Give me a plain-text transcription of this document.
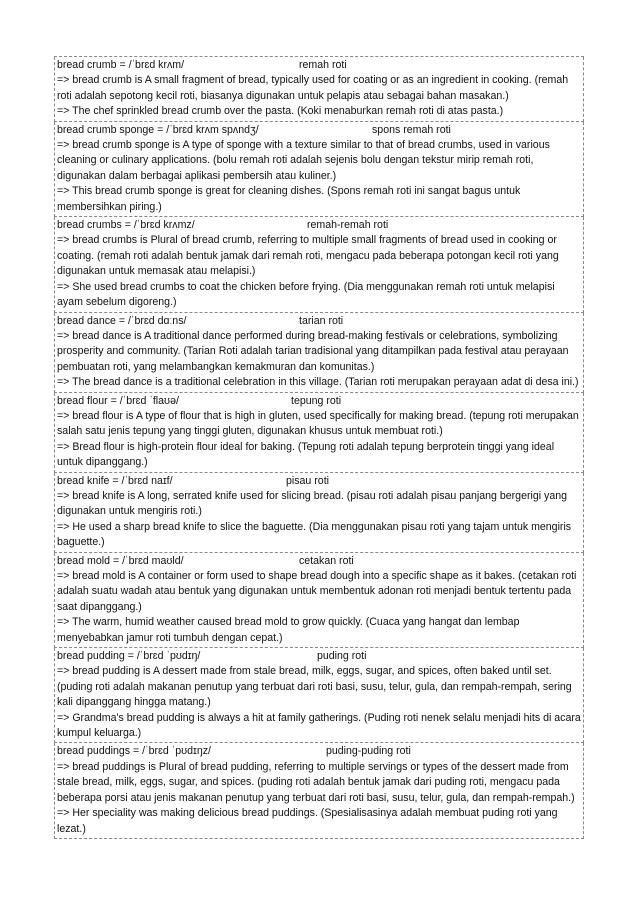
bread crumb = /ˈbrɛd krʌm/	remah roti

=> bread crumb is A small fragment of bread, typically used for coating or as an ingredient in cooking. (remah roti adalah sepotong kecil roti, biasanya digunakan untuk pelapis atau sebagai bahan masakan.)

=> The chef sprinkled bread crumb over the pasta. (Koki menaburkan remah roti di atas pasta.)

bread crumb sponge = /ˈbrɛd krʌm spʌndʒ/	spons remah roti

=> bread crumb sponge is A type of sponge with a texture similar to that of bread crumbs, used in various cleaning or culinary applications. (bolu remah roti adalah sejenis bolu dengan tekstur mirip remah roti, digunakan dalam berbagai aplikasi pembersih atau kuliner.)

=> This bread crumb sponge is great for cleaning dishes. (Spons remah roti ini sangat bagus untuk membersihkan piring.)

bread crumbs = /ˈbrɛd krʌmz/	remah-remah roti

=> bread crumbs is Plural of bread crumb, referring to multiple small fragments of bread used in cooking or coating. (remah roti adalah bentuk jamak dari remah roti, mengacu pada beberapa potongan kecil roti yang digunakan untuk memasak atau melapisi.)

=> She used bread crumbs to coat the chicken before frying. (Dia menggunakan remah roti untuk melapisi ayam sebelum digoreng.)

bread dance = /ˈbrɛd dɑːns/	tarian roti

=> bread dance is A traditional dance performed during bread-making festivals or celebrations, symbolizing prosperity and community. (Tarian Roti adalah tarian tradisional yang ditampilkan pada festival atau perayaan pembuatan roti, yang melambangkan kemakmuran dan komunitas.)

=> The bread dance is a traditional celebration in this village. (Tarian roti merupakan perayaan adat di desa ini.)

bread flour = /ˈbrɛd ˈflaʊə/	tepung roti

=> bread flour is A type of flour that is high in gluten, used specifically for making bread. (tepung roti merupakan salah satu jenis tepung yang tinggi gluten, digunakan khusus untuk membuat roti.)

=> Bread flour is high-protein flour ideal for baking. (Tepung roti adalah tepung berprotein tinggi yang ideal untuk dipanggang.)

bread knife = /ˈbrɛd naɪf/	pisau roti

=> bread knife is A long, serrated knife used for slicing bread. (pisau roti adalah pisau panjang bergerigi yang digunakan untuk mengiris roti.)

=> He used a sharp bread knife to slice the baguette. (Dia menggunakan pisau roti yang tajam untuk mengiris baguette.)

bread mold = /ˈbrɛd maʊld/	cetakan roti

=> bread mold is A container or form used to shape bread dough into a specific shape as it bakes. (cetakan roti adalah suatu wadah atau bentuk yang digunakan untuk membentuk adonan roti menjadi bentuk tertentu pada saat dipanggang.)

=> The warm, humid weather caused bread mold to grow quickly. (Cuaca yang hangat dan lembap menyebabkan jamur roti tumbuh dengan cepat.)

bread pudding = /ˈbrɛd ˈpʊdɪŋ/	puding roti

=> bread pudding is A dessert made from stale bread, milk, eggs, sugar, and spices, often baked until set. (puding roti adalah makanan penutup yang terbuat dari roti basi, susu, telur, gula, dan rempah-rempah, sering kali dipanggang hingga matang.)

=> Grandma's bread pudding is always a hit at family gatherings. (Puding roti nenek selalu menjadi hits di acara kumpul keluarga.)

bread puddings = /ˈbrɛd ˈpʊdɪŋz/	puding-puding roti

=> bread puddings is Plural of bread pudding, referring to multiple servings or types of the dessert made from stale bread, milk, eggs, sugar, and spices. (puding roti adalah bentuk jamak dari puding roti, mengacu pada beberapa porsi atau jenis makanan penutup yang terbuat dari roti basi, susu, telur, gula, dan rempah-rempah.)

=> Her speciality was making delicious bread puddings. (Spesialisasinya adalah membuat puding roti yang lezat.)
